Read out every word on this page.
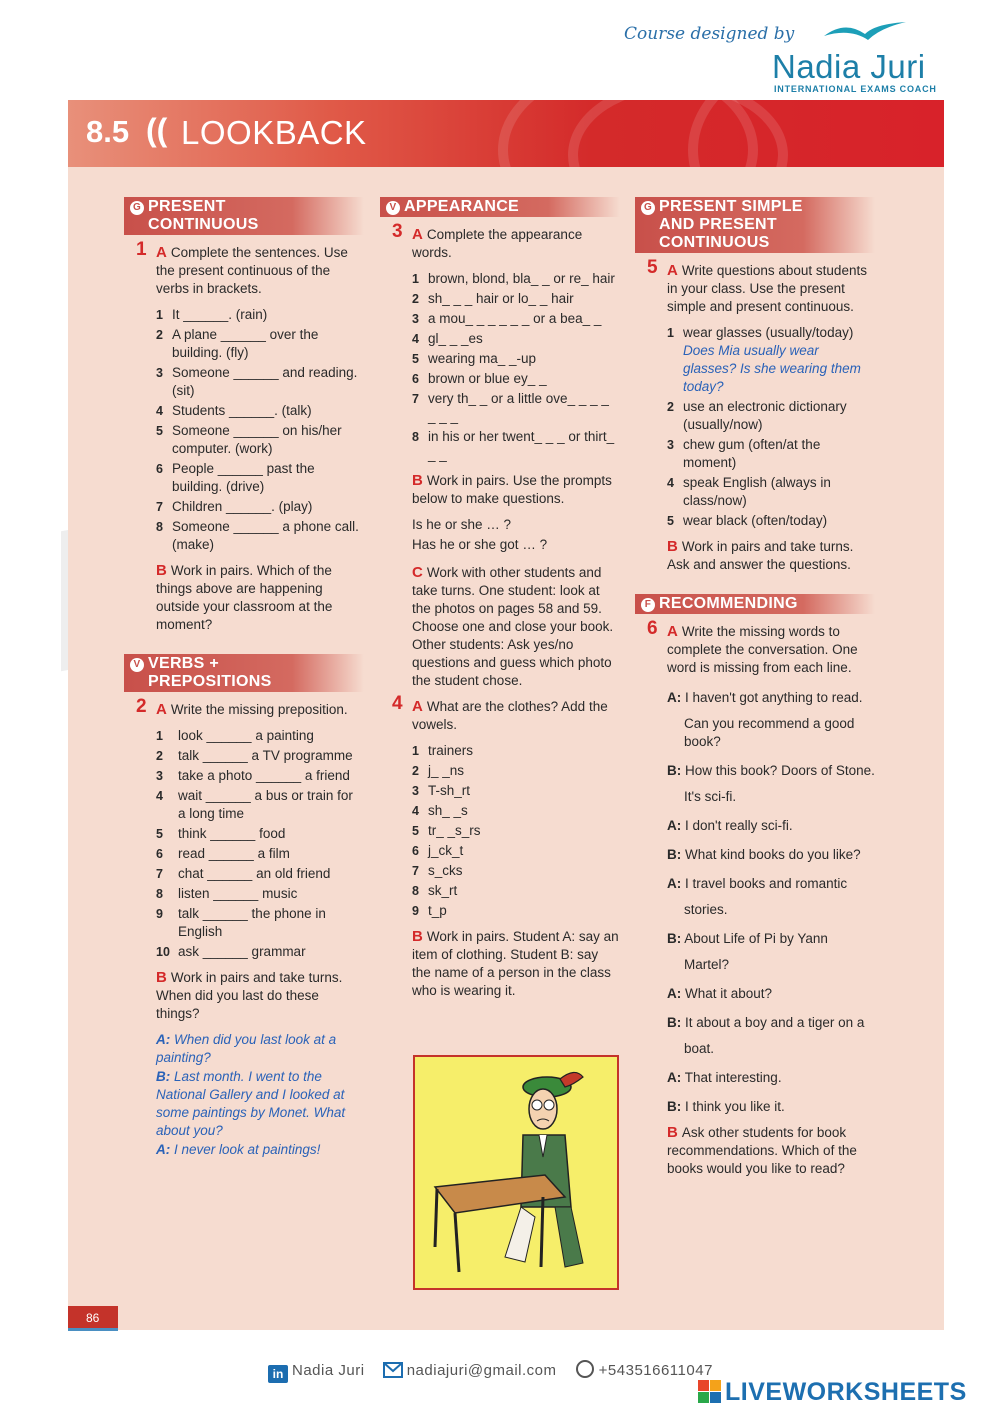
Course designed by
Nadia Juri
INTERNATIONAL EXAMS COACH
8.5 (( LOOKBACK
G PRESENT
CONTINUOUS
1 A Complete the sentences. Use the present continuous of the verbs in brackets.
1 It ______. (rain)
2 A plane ______ over the building. (fly)
3 Someone ______ and reading. (sit)
4 Students ______. (talk)
5 Someone ______ on his/her computer. (work)
6 People ______ past the building. (drive)
7 Children ______. (play)
8 Someone ______ a phone call. (make)
B Work in pairs. Which of the things above are happening outside your classroom at the moment?
V VERBS +
PREPOSITIONS
2 A Write the missing preposition.
1 look ______ a painting
2 talk ______ a TV programme
3 take a photo ______ a friend
4 wait ______ a bus or train for a long time
5 think ______ food
6 read ______ a film
7 chat ______ an old friend
8 listen ______ music
9 talk ______ the phone in English
10 ask ______ grammar
B Work in pairs and take turns. When did you last do these things?

A: When did you last look at a painting?

B: Last month. I went to the National Gallery and I looked at some paintings by Monet. What about you?

A: I never look at paintings!

V APPEARANCE
3 A Complete the appearance words.
1 brown, blond, bla_ _ or re_ hair
2 sh_ _ _ hair or lo_ _ hair
3 a mou_ _ _ _ _ _ or a bea_ _
4 gl_ _ _es
5 wearing ma_ _-up
6 brown or blue ey_ _
7 very th_ _ or a little ove_ _ _ _ _ _ _
8 in his or her twent_ _ _ or thirt_ _ _
B Work in pairs. Use the prompts below to make questions.

Is he or she … ?

Has he or she got … ?

C Work with other students and take turns. One student: look at the photos on pages 58 and 59. Choose one and close your book. Other students: Ask yes/no questions and guess which photo the student chose.
4 A What are the clothes? Add the vowels.
1 trainers
2 j_ _ns
3 T-sh_rt
4 sh_ _s
5 tr_ _s_rs
6 j_ck_t
7 s_cks
8 sk_rt
9 t_p
B Work in pairs. Student A: say an item of clothing. Student B: say the name of a person in the class who is wearing it.
G PRESENT SIMPLE
AND PRESENT
CONTINUOUS
5 A Write questions about students in your class. Use the present simple and present continuous.
1 wear glasses (usually/today)
Does Mia usually wear glasses? Is she wearing them today?
2 use an electronic dictionary (usually/now)
3 chew gum (often/at the moment)
4 speak English (always in class/now)
5 wear black (often/today)
B Work in pairs and take turns. Ask and answer the questions.
F RECOMMENDING
6 A Write the missing words to complete the conversation. One word is missing from each line.

A: I haven't got anything to read.
Can you recommend a good book?

B: How this book? Doors of Stone.
It's sci-fi.

A: I don't really sci-fi.

B: What kind books do you like?

A: I travel books and romantic
stories.

B: About Life of Pi by Yann
Martel?

A: What it about?

B: It about a boy and a tiger on a
boat.

A: That interesting.

B: I think you like it.

B Ask other students for book recommendations. Which of the books would you like to read?
86
in Nadia Juri	nadiajuri@gmail.com	+543516611047
LIVEWORKSHEETS
